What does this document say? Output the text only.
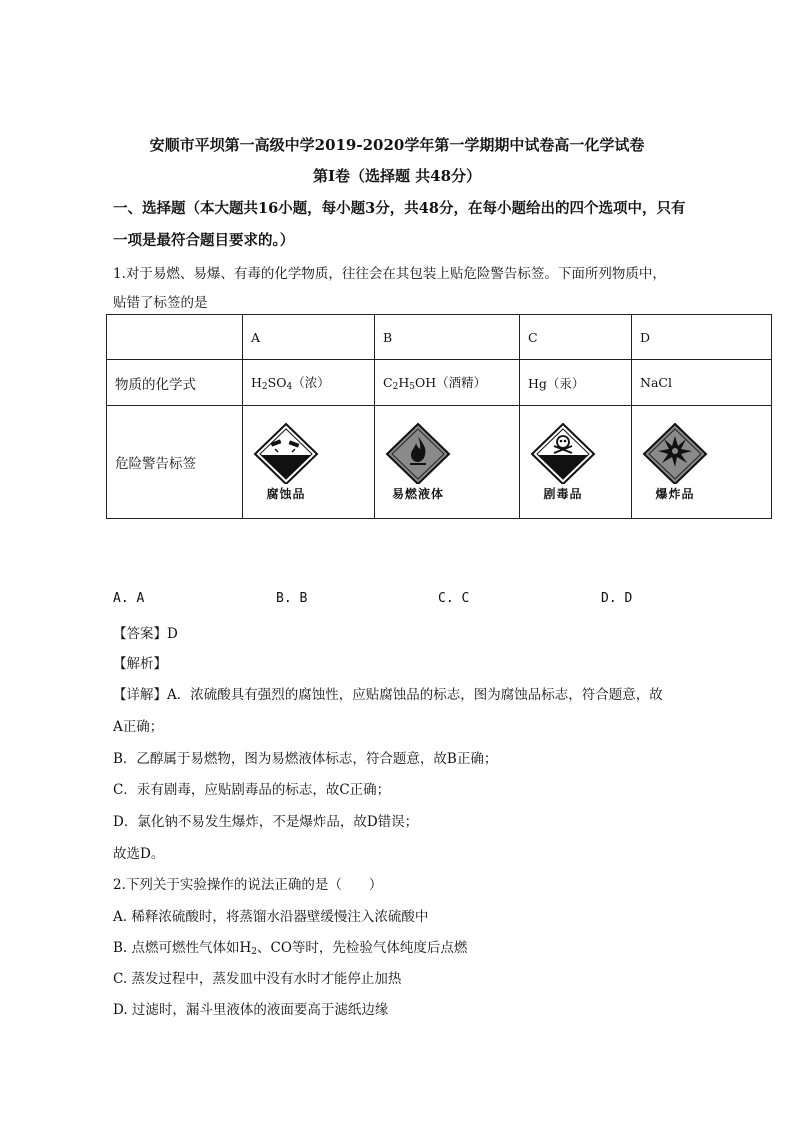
安顺市平坝第一高级中学2019-2020学年第一学期期中试卷高一化学试卷
第Ⅰ卷（选择题 共48分）
一、选择题（本大题共16小题，每小题3分，共48分，在每小题给出的四个选项中，只有
一项是最符合题目要求的。）
1.对于易燃、易爆、有毒的化学物质，往往会在其包装上贴危险警告标签。下面所列物质中，
贴错了标签的是
	A	B	C	D
物质的化学式	$H_2SO_4$（浓）	$C_2H_5OH$（酒精）	Hg（汞）	NaCl
危险警告标签	腐蚀品	易燃液体	剧毒品	爆炸品
A. A	B. B	C. C	D. D
【答案】D
【解析】
【详解】A．浓硫酸具有强烈的腐蚀性，应贴腐蚀品的标志，图为腐蚀品标志，符合题意，故
A正确；
B．乙醇属于易燃物，图为易燃液体标志，符合题意，故B正确；
C．汞有剧毒，应贴剧毒品的标志，故C正确；
D．氯化钠不易发生爆炸，不是爆炸品，故D错误；
故选D。
2.下列关于实验操作的说法正确的是（　　）
A. 稀释浓硫酸时，将蒸馏水沿器壁缓慢注入浓硫酸中
B. 点燃可燃性气体如$H_2$、CO等时，先检验气体纯度后点燃
C. 蒸发过程中，蒸发皿中没有水时才能停止加热
D. 过滤时，漏斗里液体的液面要高于滤纸边缘
